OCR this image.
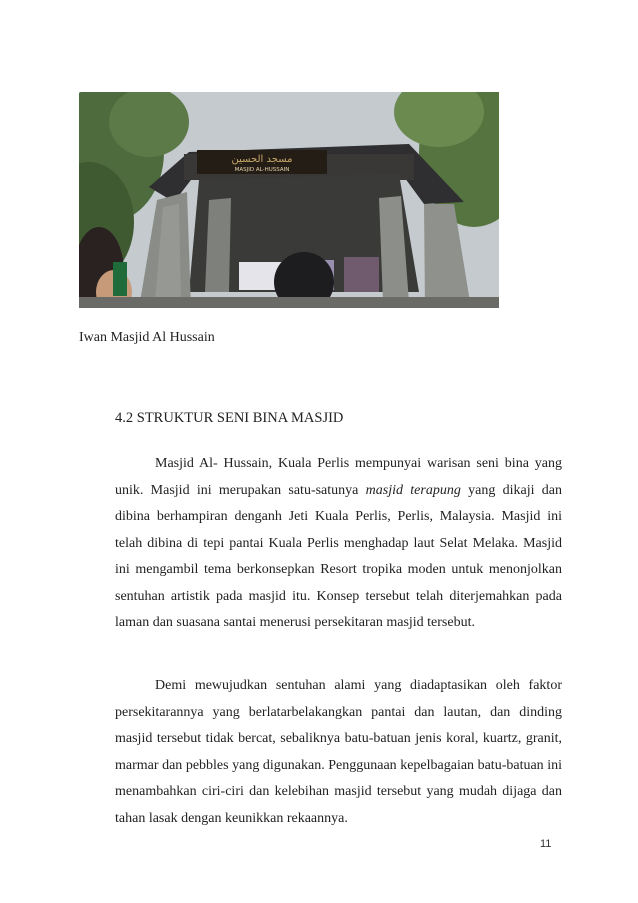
مسجد الحسين
MASJID AL-HUSSAIN
Iwan Masjid Al Hussain
4.2 STRUKTUR SENI BINA MASJID

Masjid Al- Hussain, Kuala Perlis mempunyai warisan seni bina yang unik. Masjid ini merupakan satu-satunya masjid terapung yang dikaji dan dibina berhampiran denganh Jeti Kuala Perlis, Perlis, Malaysia. Masjid ini telah dibina di tepi pantai Kuala Perlis menghadap laut Selat Melaka. Masjid ini mengambil tema berkonsepkan Resort tropika moden untuk menonjolkan sentuhan artistik pada masjid itu. Konsep tersebut telah diterjemahkan pada laman dan suasana santai menerusi persekitaran masjid tersebut.

Demi mewujudkan sentuhan alami yang diadaptasikan oleh faktor persekitarannya yang berlatarbelakangkan pantai dan lautan, dan dinding masjid tersebut tidak bercat, sebaliknya batu-batuan jenis koral, kuartz, granit, marmar dan pebbles yang digunakan. Penggunaan kepelbagaian batu-batuan ini menambahkan ciri-ciri dan kelebihan masjid tersebut yang mudah dijaga dan tahan lasak dengan keunikkan rekaannya.

11
